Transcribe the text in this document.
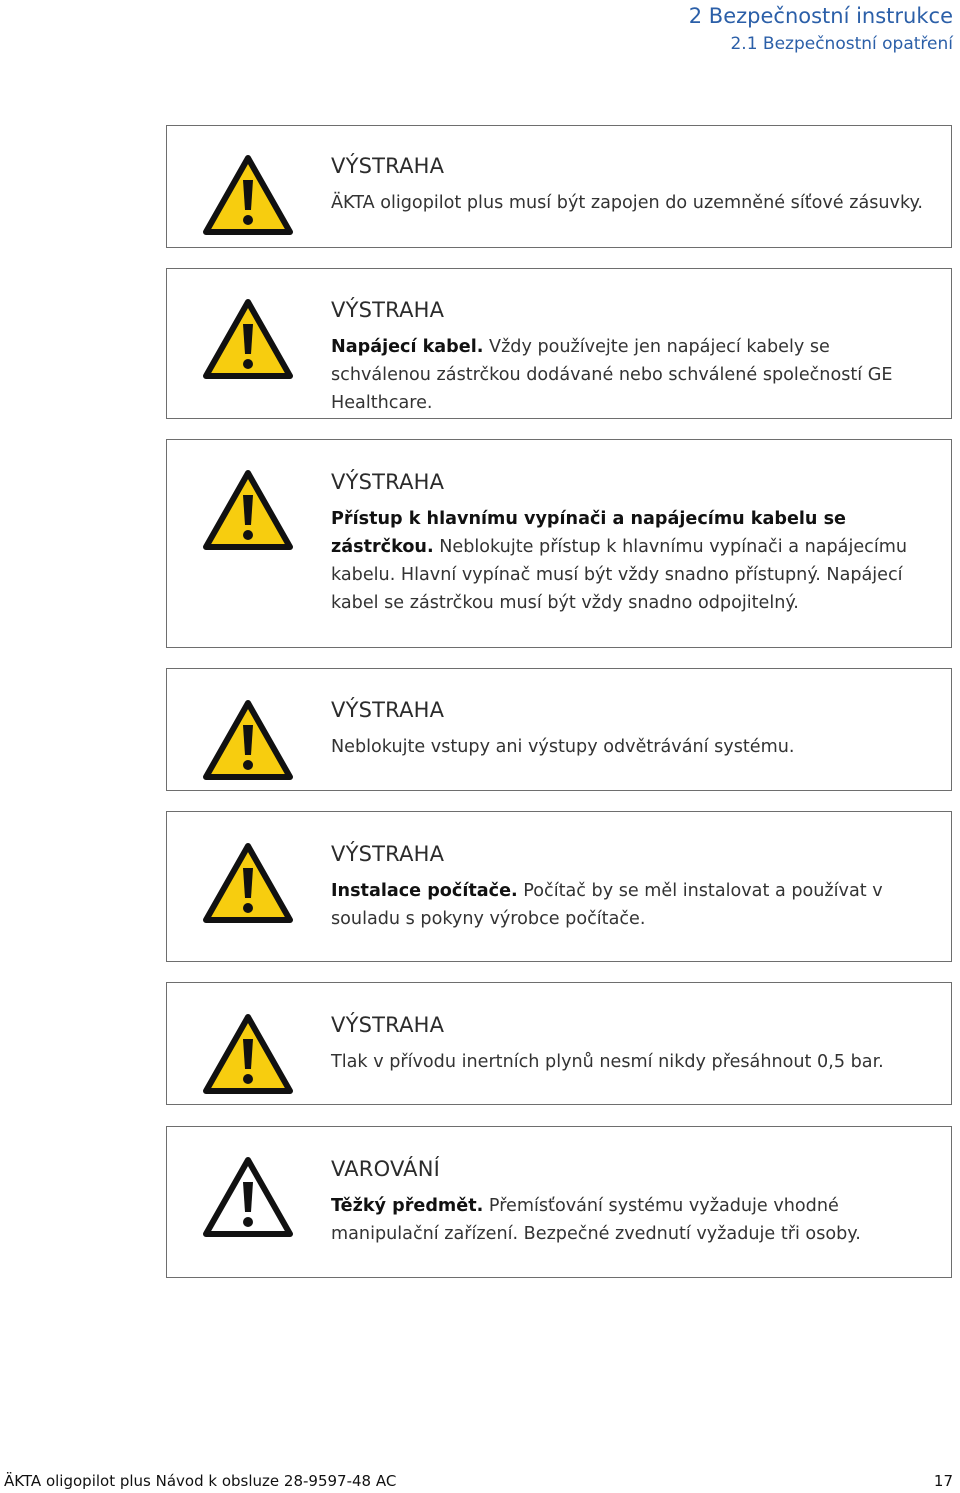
2 Bezpečnostní instrukce
2.1 Bezpečnostní opatření
VÝSTRAHA
ÄKTA oligopilot plus musí být zapojen do uzemněné síťové zásuvky.
VÝSTRAHA
Napájecí kabel. Vždy používejte jen napájecí kabely se schválenou zástrčkou dodávané nebo schválené společností GE Healthcare.
VÝSTRAHA
Přístup k hlavnímu vypínači a napájecímu kabelu se zástrčkou. Neblokujte přístup k hlavnímu vypínači a napájecímu kabelu. Hlavní vypínač musí být vždy snadno přístupný. Napájecí kabel se zástrčkou musí být vždy snadno odpojitelný.
VÝSTRAHA
Neblokujte vstupy ani výstupy odvětrávání systému.
VÝSTRAHA
Instalace počítače. Počítač by se měl instalovat a používat v souladu s pokyny výrobce počítače.
VÝSTRAHA
Tlak v přívodu inertních plynů nesmí nikdy přesáhnout 0,5 bar.
VAROVÁNÍ
Těžký předmět. Přemísťování systému vyžaduje vhodné manipulační zařízení. Bezpečné zvednutí vyžaduje tři osoby.
ÄKTA oligopilot plus Návod k obsluze 28-9597-48 AC	17
